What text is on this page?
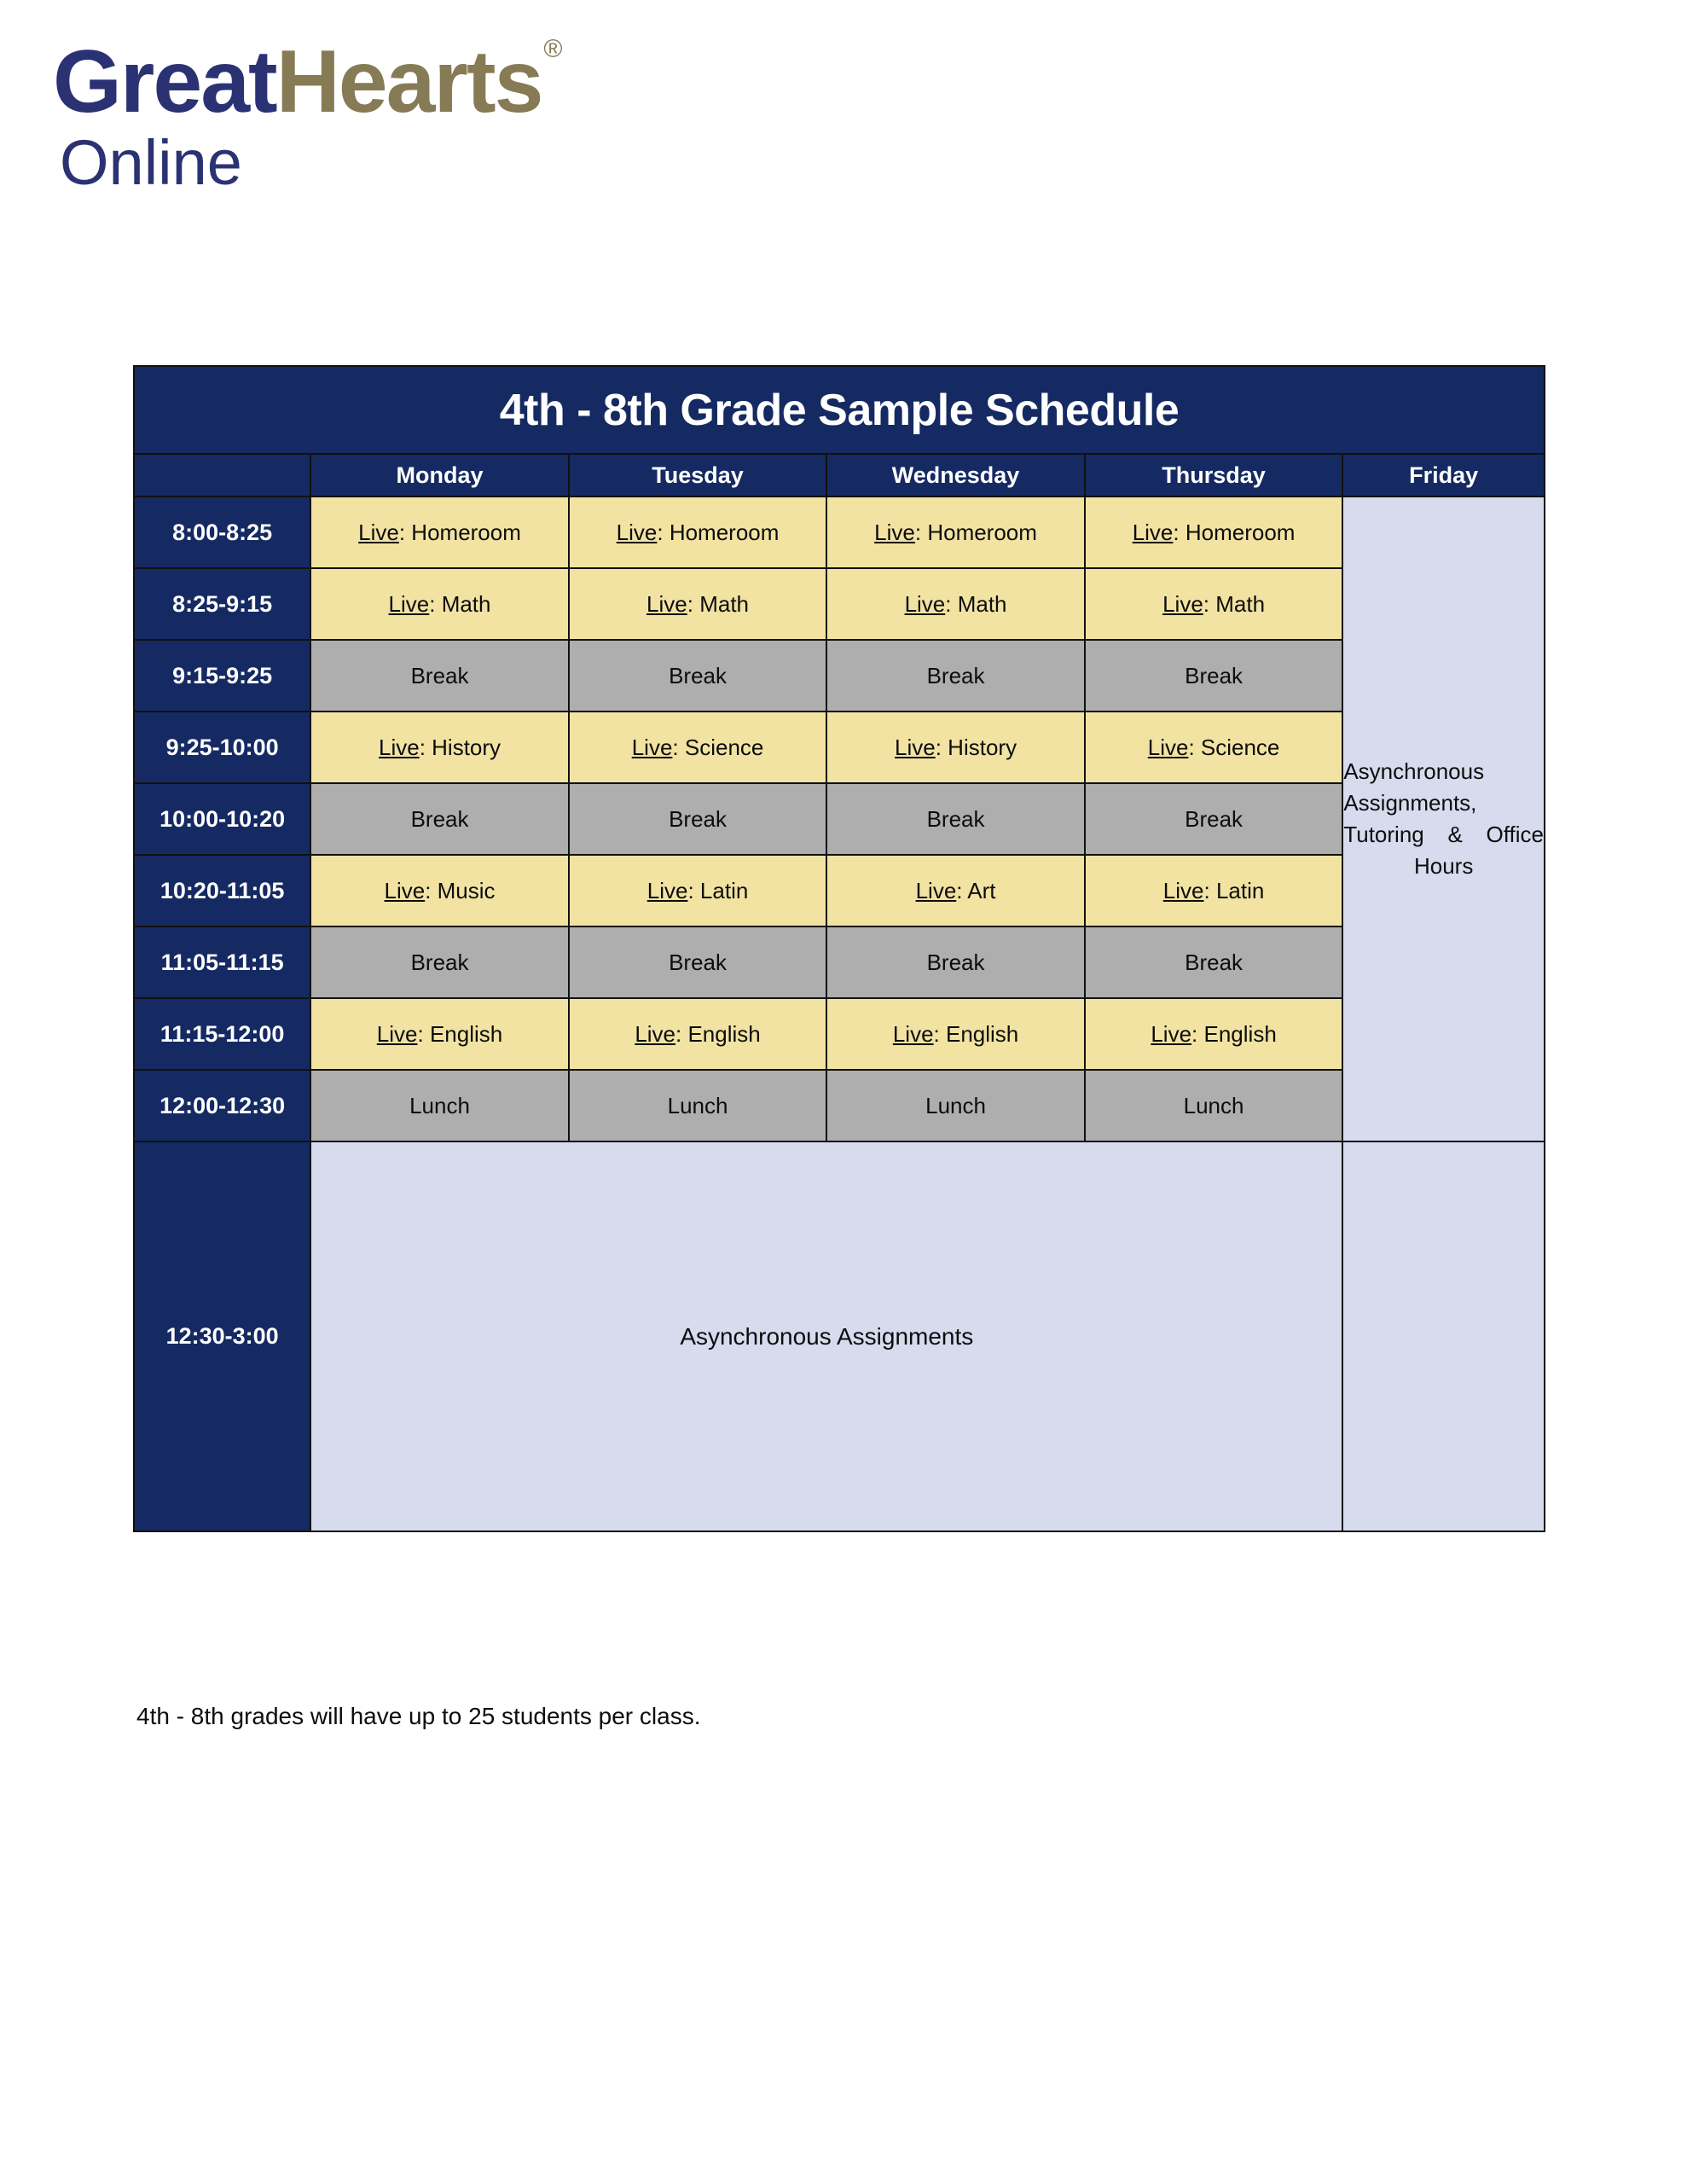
GreatHearts®
Online
4th - 8th Grade Sample Schedule					
	Monday	Tuesday	Wednesday	Thursday	Friday
8:00-8:25	Live: Homeroom	Live: Homeroom	Live: Homeroom	Live: Homeroom	Asynchronous Assignments, Tutoring & Office Hours
8:25-9:15	Live: Math	Live: Math	Live: Math	Live: Math	
9:15-9:25	Break	Break	Break	Break	
9:25-10:00	Live: History	Live: Science	Live: History	Live: Science	
10:00-10:20	Break	Break	Break	Break	
10:20-11:05	Live: Music	Live: Latin	Live: Art	Live: Latin	
11:05-11:15	Break	Break	Break	Break	
11:15-12:00	Live: English	Live: English	Live: English	Live: English	
12:00-12:30	Lunch	Lunch	Lunch	Lunch	
12:30-3:00	Asynchronous Assignments				
4th - 8th grades will have up to 25 students per class.
